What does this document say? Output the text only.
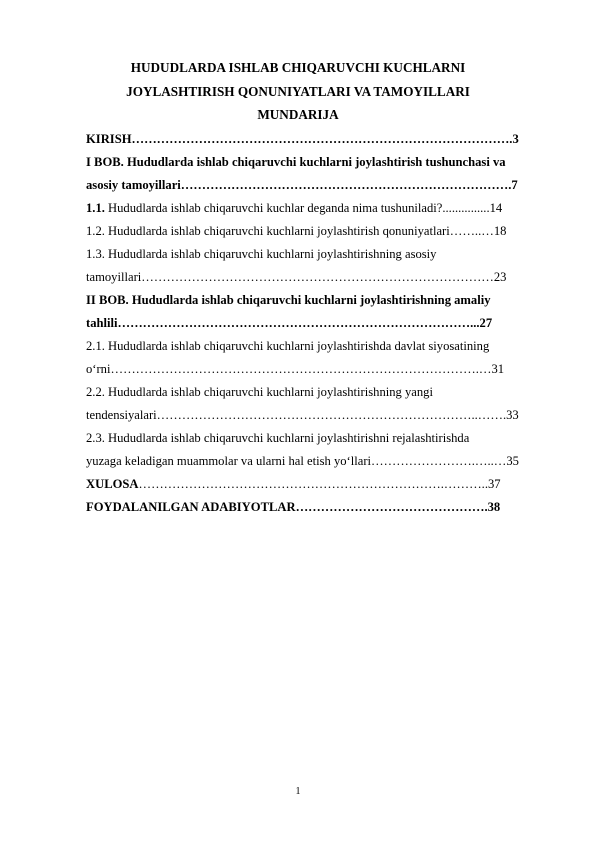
HUDUDLARDA ISHLAB CHIQARUVCHI KUCHLARNI
JOYLASHTIRISH QONUNIYATLARI VA TAMOYILLARI
MUNDARIJA
KIRISH……………………………………………………………………………….3
I BOB. Hududlarda ishlab chiqaruvchi kuchlarni joylashtirish tushunchasi va
asosiy tamoyillari…………………………………………………………………….7
1.1. Hududlarda ishlab chiqaruvchi kuchlar deganda nima tushuniladi?...............14
1.2. Hududlarda ishlab chiqaruvchi kuchlarni joylashtirish qonuniyatlari……..…18
1.3. Hududlarda ishlab chiqaruvchi kuchlarni joylashtirishning asosiy
tamoyillari…………………………………………………………………………23
II BOB. Hududlarda ishlab chiqaruvchi kuchlarni joylashtirishning amaliy
tahlili…………………………………………………………………………...27
2.1. Hududlarda ishlab chiqaruvchi kuchlarni joylashtirishda davlat siyosatining
o‘rni…………………………………………………………………………….…31
2.2. Hududlarda ishlab chiqaruvchi kuchlarni joylashtirishning yangi
tendensiyalari…………………………………………………………………..…….33
2.3. Hududlarda ishlab chiqaruvchi kuchlarni joylashtirishni rejalashtirishda
yuzaga keladigan muammolar va ularni hal etish yo‘llari…………………….…..…35
XULOSA……………………………………………………………….………..37
FOYDALANILGAN ADABIYOTLAR……………………………………….38
1
